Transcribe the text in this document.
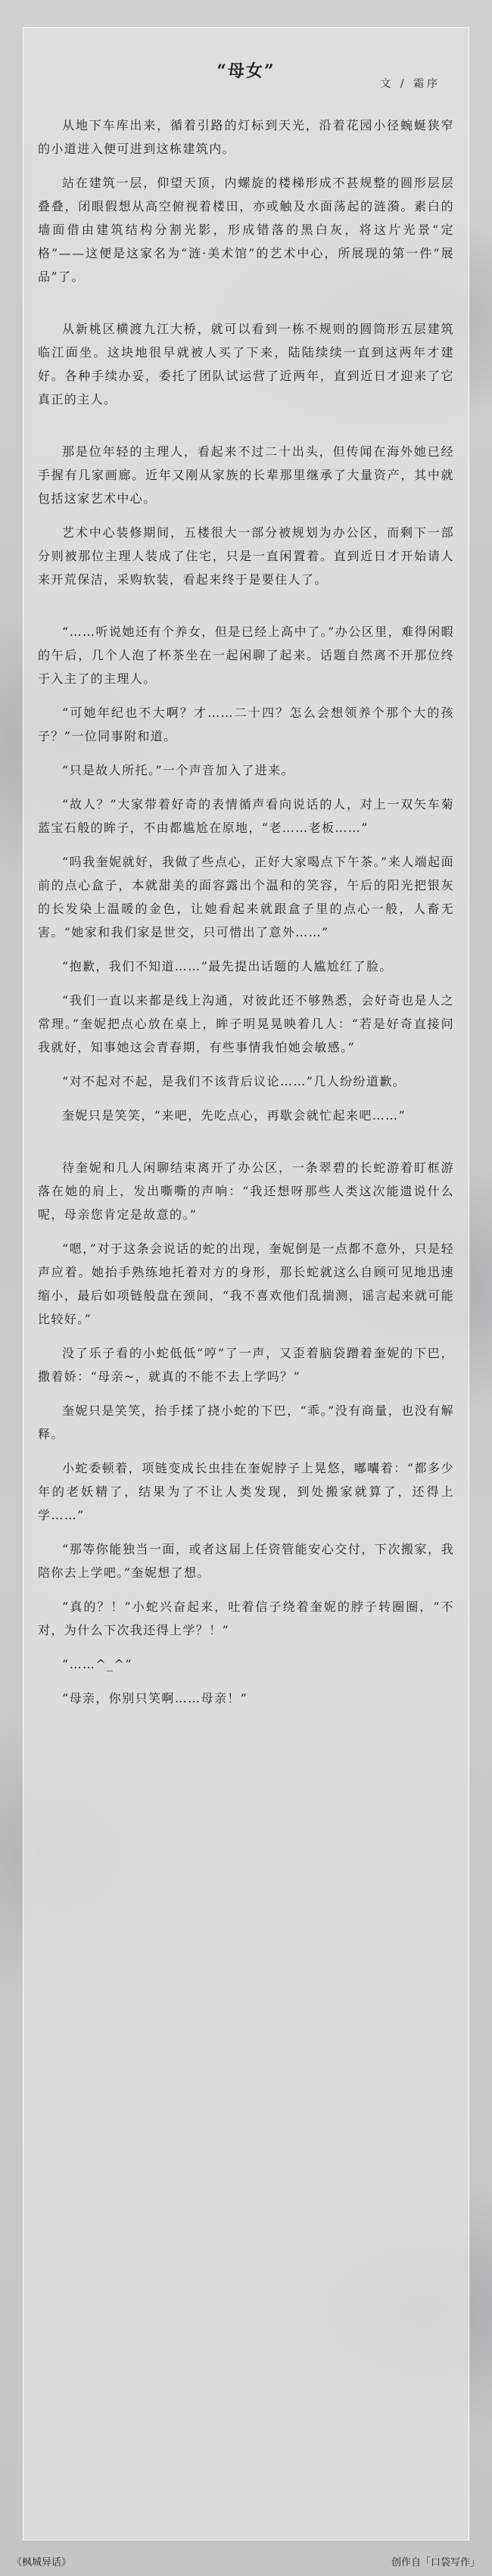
“母女”
文 / 霜序

从地下车库出来，循着引路的灯标到天光，沿着花园小径蜿蜒狭窄的小道进入便可进到这栋建筑内。

站在建筑一层，仰望天顶，内螺旋的楼梯形成不甚规整的圆形层层叠叠，闭眼假想从高空俯视着楼田，亦或触及水面荡起的涟漪。素白的墙面借由建筑结构分割光影，形成错落的黑白灰，将这片光景“定格”——这便是这家名为“涟·美术馆”的艺术中心，所展现的第一件“展品”了。

从新桃区横渡九江大桥，就可以看到一栋不规则的圆筒形五层建筑临江面坐。这块地很早就被人买了下来，陆陆续续一直到这两年才建好。各种手续办妥，委托了团队试运营了近两年，直到近日才迎来了它真正的主人。

那是位年轻的主理人，看起来不过二十出头，但传闻在海外她已经手握有几家画廊。近年又刚从家族的长辈那里继承了大量资产，其中就包括这家艺术中心。

艺术中心装修期间，五楼很大一部分被规划为办公区，而剩下一部分则被那位主理人装成了住宅，只是一直闲置着。直到近日才开始请人来开荒保洁，采购软装，看起来终于是要住人了。

“……听说她还有个养女，但是已经上高中了。”办公区里，难得闲暇的午后，几个人泡了杯茶坐在一起闲聊了起来。话题自然离不开那位终于入主了的主理人。

“可她年纪也不大啊？才……二十四？怎么会想领养个那个大的孩子？”一位同事附和道。

“只是故人所托。”一个声音加入了进来。

“故人？”大家带着好奇的表情循声看向说话的人，对上一双矢车菊蓝宝石般的眸子，不由都尴尬在原地，“老……老板……”

“吗我奎妮就好，我做了些点心，正好大家喝点下午茶。”来人端起面前的点心盒子，本就甜美的面容露出个温和的笑容，午后的阳光把银灰的长发染上温暖的金色，让她看起来就跟盒子里的点心一般，人畜无害。“她家和我们家是世交，只可惜出了意外……”

“抱歉，我们不知道……”最先提出话题的人尴尬红了脸。

“我们一直以来都是线上沟通，对彼此还不够熟悉，会好奇也是人之常理。”奎妮把点心放在桌上，眸子明晃晃映着几人：“若是好奇直接问我就好，知事她这会青春期，有些事情我怕她会敏感。”

“对不起对不起，是我们不该背后议论……”几人纷纷道歉。

奎妮只是笑笑，“来吧，先吃点心，再歇会就忙起来吧……”

待奎妮和几人闲聊结束离开了办公区，一条翠碧的长蛇游着盯框游落在她的肩上，发出嘶嘶的声响：“我还想呀那些人类这次能遗说什么呢，母亲您肯定是故意的。”

“嗯，”对于这条会说话的蛇的出现，奎妮倒是一点都不意外，只是轻声应着。她抬手熟练地托着对方的身形，那长蛇就这么自顾可见地迅速缩小，最后如项链般盘在颈间，“我不喜欢他们乱揣测，谣言起来就可能比较好。”

没了乐子看的小蛇低低“哼”了一声，又歪着脑袋蹭着奎妮的下巴，撒着娇：“母亲~，就真的不能不去上学吗？”

奎妮只是笑笑，抬手揉了挠小蛇的下巴，“乖。”没有商量，也没有解释。

小蛇委顿着，项链变成长虫挂在奎妮脖子上晃悠，嘟囔着：“都多少年的老妖精了，结果为了不让人类发现，到处搬家就算了，还得上学……”

“那等你能独当一面，或者这届上任资管能安心交付，下次搬家，我陪你去上学吧。”奎妮想了想。

“真的？！”小蛇兴奋起来，吐着信子绕着奎妮的脖子转圈圈，“不对，为什么下次我还得上学？！”

“……^_^”

“母亲，你别只笑啊……母亲！”

《枫城异话》	创作自「口袋写作」
